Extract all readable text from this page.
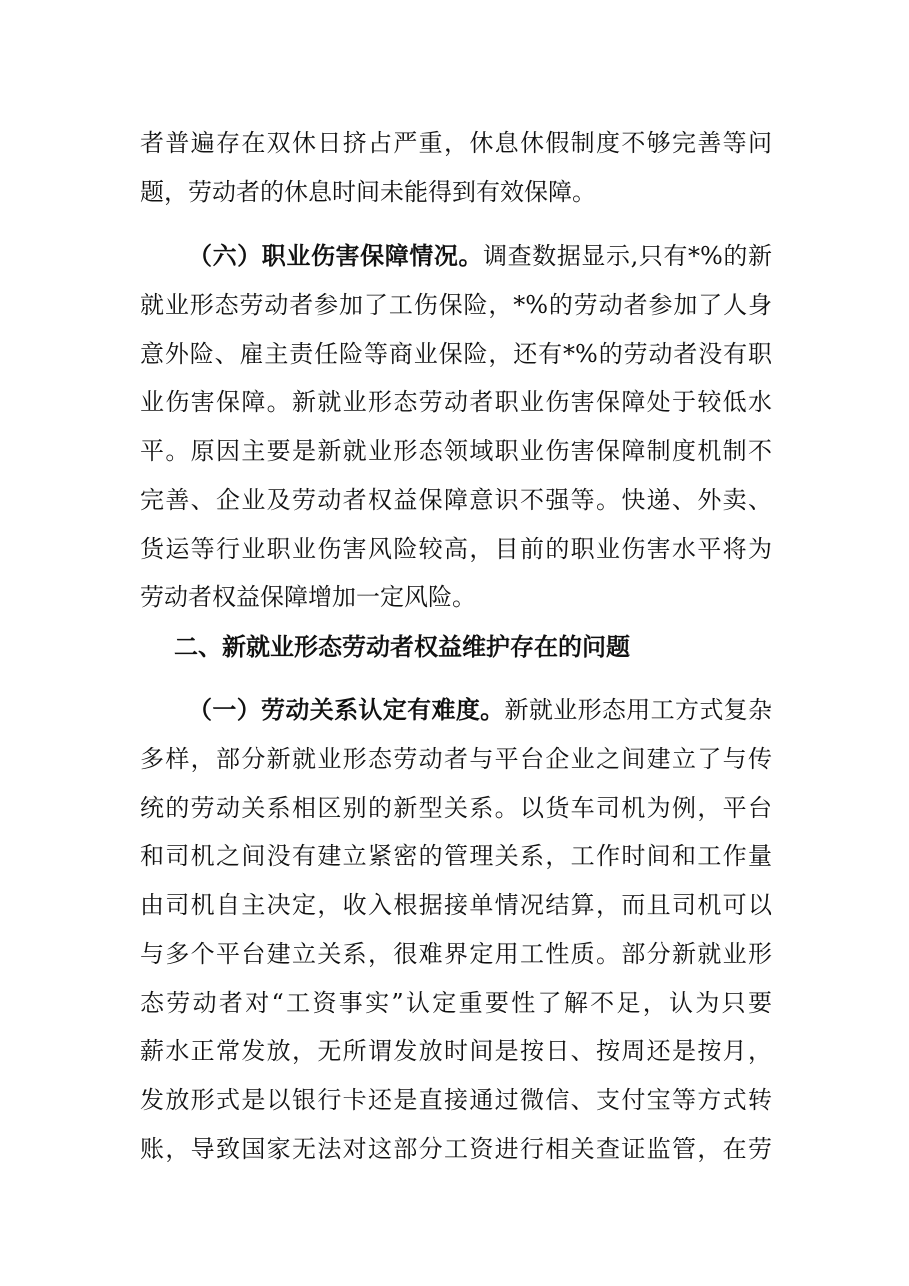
者普遍存在双休日挤占严重，休息休假制度不够完善等问
题，劳动者的休息时间未能得到有效保障。
（六）职业伤害保障情况。调查数据显示,只有*%的新
就业形态劳动者参加了工伤保险，*%的劳动者参加了人身
意外险、雇主责任险等商业保险，还有*%的劳动者没有职
业伤害保障。新就业形态劳动者职业伤害保障处于较低水
平。原因主要是新就业形态领域职业伤害保障制度机制不
完善、企业及劳动者权益保障意识不强等。快递、外卖、
货运等行业职业伤害风险较高，目前的职业伤害水平将为
劳动者权益保障增加一定风险。
二、新就业形态劳动者权益维护存在的问题
（一）劳动关系认定有难度。新就业形态用工方式复杂
多样，部分新就业形态劳动者与平台企业之间建立了与传
统的劳动关系相区别的新型关系。以货车司机为例，平台
和司机之间没有建立紧密的管理关系，工作时间和工作量
由司机自主决定，收入根据接单情况结算，而且司机可以
与多个平台建立关系，很难界定用工性质。部分新就业形
态劳动者对“工资事实”认定重要性了解不足，认为只要
薪水正常发放，无所谓发放时间是按日、按周还是按月，
发放形式是以银行卡还是直接通过微信、支付宝等方式转
账，导致国家无法对这部分工资进行相关查证监管，在劳
